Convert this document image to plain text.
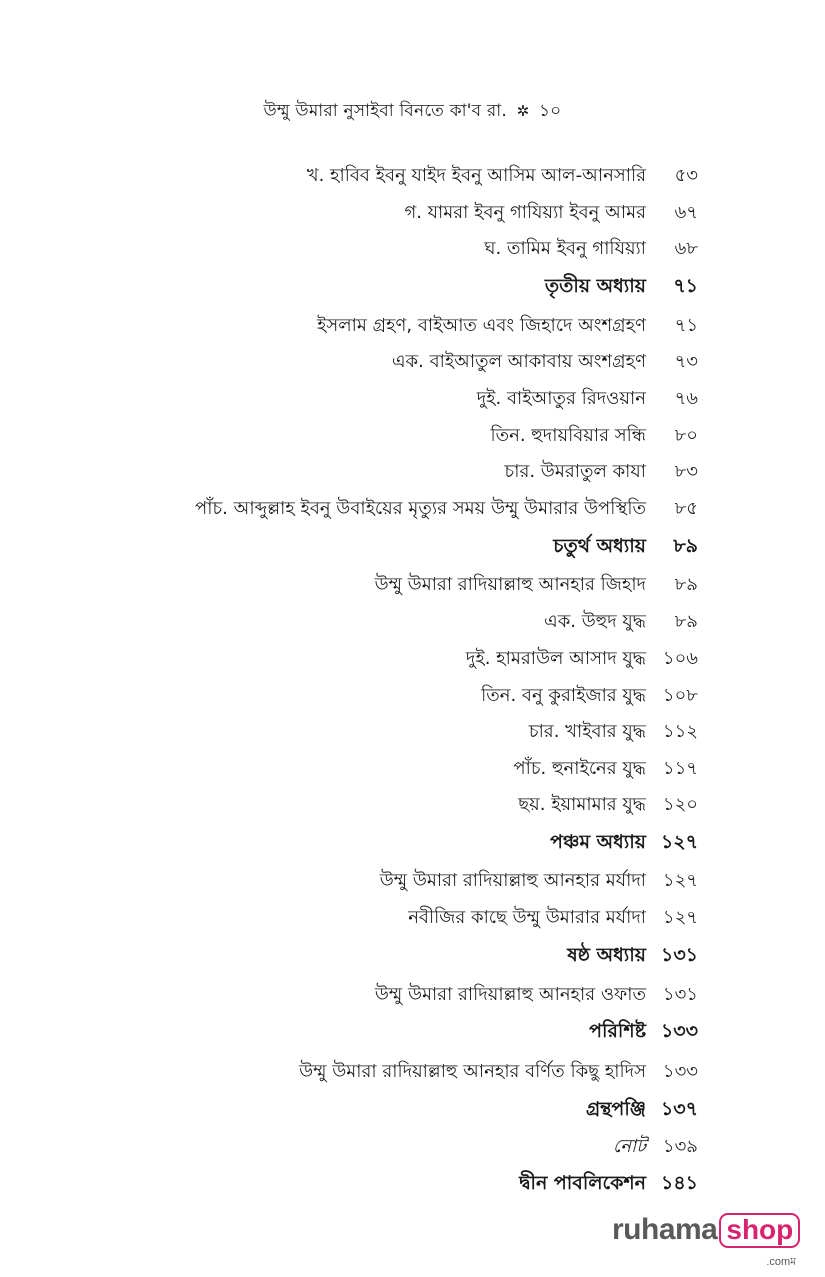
উম্মু উমারা নুসাইবা বিনতে কা'ব রা. ✲ ১০
খ. হাবিব ইবনু যাইদ ইবনু আসিম আল-আনসারি	৫৩
গ. যামরা ইবনু গাযিয়্যা ইবনু আমর	৬৭
ঘ. তামিম ইবনু গাযিয়্যা	৬৮
তৃতীয় অধ্যায়	৭১
ইসলাম গ্রহণ, বাইআত এবং জিহাদে অংশগ্রহণ	৭১
এক. বাইআতুল আকাবায় অংশগ্রহণ	৭৩
দুই. বাইআতুর রিদওয়ান	৭৬
তিন. হুদায়বিয়ার সন্ধি	৮০
চার. উমরাতুল কাযা	৮৩
পাঁচ. আব্দুল্লাহ ইবনু উবাইয়ের মৃত্যুর সময় উম্মু উমারার উপস্থিতি	৮৫
চতুর্থ অধ্যায়	৮৯
উম্মু উমারা রাদিয়াল্লাহু আনহার জিহাদ	৮৯
এক. উহুদ যুদ্ধ	৮৯
দুই. হামরাউল আসাদ যুদ্ধ ১০৬
তিন. বনু কুরাইজার যুদ্ধ ১০৮
চার. খাইবার যুদ্ধ ১১২
পাঁচ. হুনাইনের যুদ্ধ ১১৭
ছয়. ইয়ামামার যুদ্ধ ১২০
পঞ্চম অধ্যায় ১২৭
উম্মু উমারা রাদিয়াল্লাহু আনহার মর্যাদা ১২৭
নবীজির কাছে উম্মু উমারার মর্যাদা ১২৭
ষষ্ঠ অধ্যায় ১৩১
উম্মু উমারা রাদিয়াল্লাহু আনহার ওফাত ১৩১
পরিশিষ্ট ১৩৩
উম্মু উমারা রাদিয়াল্লাহু আনহার বর্ণিত কিছু হাদিস ১৩৩
গ্রন্থপঞ্জি ১৩৭
নোট ১৩৯
দ্বীন পাবলিকেশন ১৪১
ruhama shop
.comম
